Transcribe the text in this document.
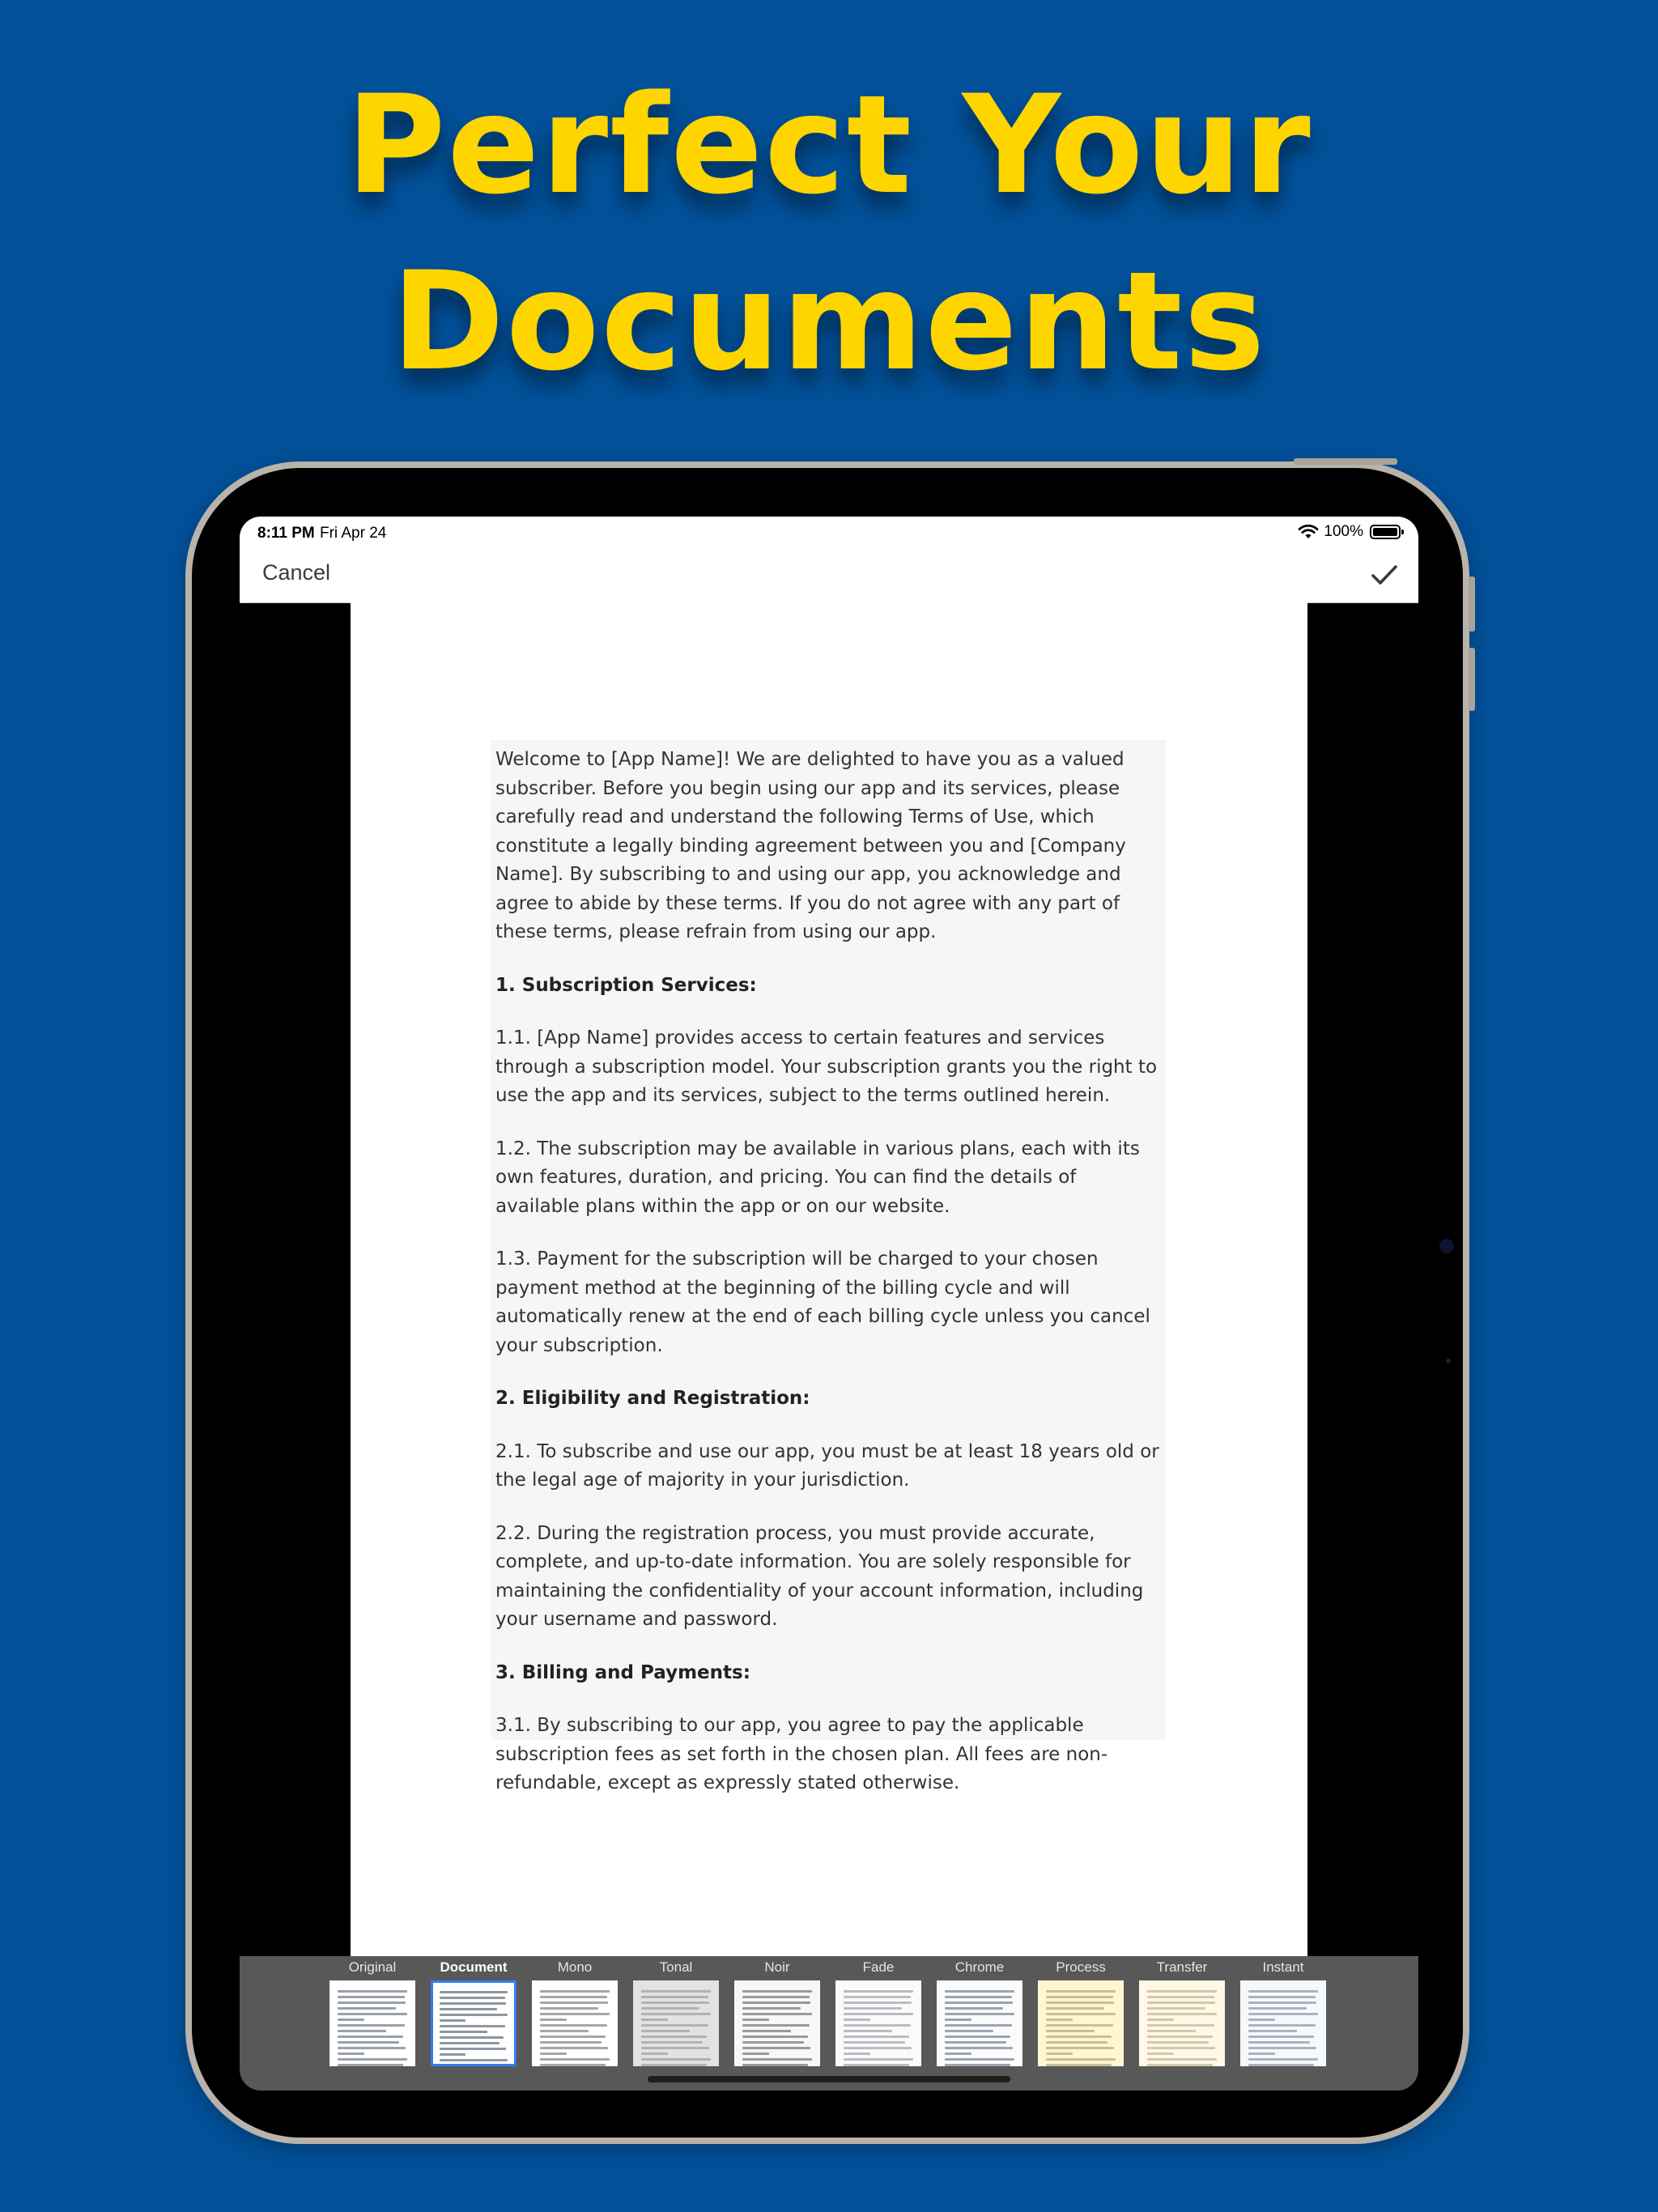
Perfect Your
Documents
8:11 PM Fri Apr 24	100%
Cancel

Welcome to [App Name]! We are delighted to have you as a valued subscriber. Before you begin using our app and its services, please carefully read and understand the following Terms of Use, which constitute a legally binding agreement between you and [Company Name]. By subscribing to and using our app, you acknowledge and agree to abide by these terms. If you do not agree with any part of these terms, please refrain from using our app.

1. Subscription Services:

1.1. [App Name] provides access to certain features and services through a subscription model. Your subscription grants you the right to use the app and its services, subject to the terms outlined herein.

1.2. The subscription may be available in various plans, each with its own features, duration, and pricing. You can find the details of available plans within the app or on our website.

1.3. Payment for the subscription will be charged to your chosen payment method at the beginning of the billing cycle and will automatically renew at the end of each billing cycle unless you cancel your subscription.

2. Eligibility and Registration:

2.1. To subscribe and use our app, you must be at least 18 years old or the legal age of majority in your jurisdiction.

2.2. During the registration process, you must provide accurate, complete, and up-to-date information. You are solely responsible for maintaining the confidentiality of your account information, including your username and password.

3. Billing and Payments:

3.1. By subscribing to our app, you agree to pay the applicable subscription fees as set forth in the chosen plan. All fees are non-refundable, except as expressly stated otherwise.

Original	Document	Mono	Tonal	Noir	Fade	Chrome	Process	Transfer	Instant
